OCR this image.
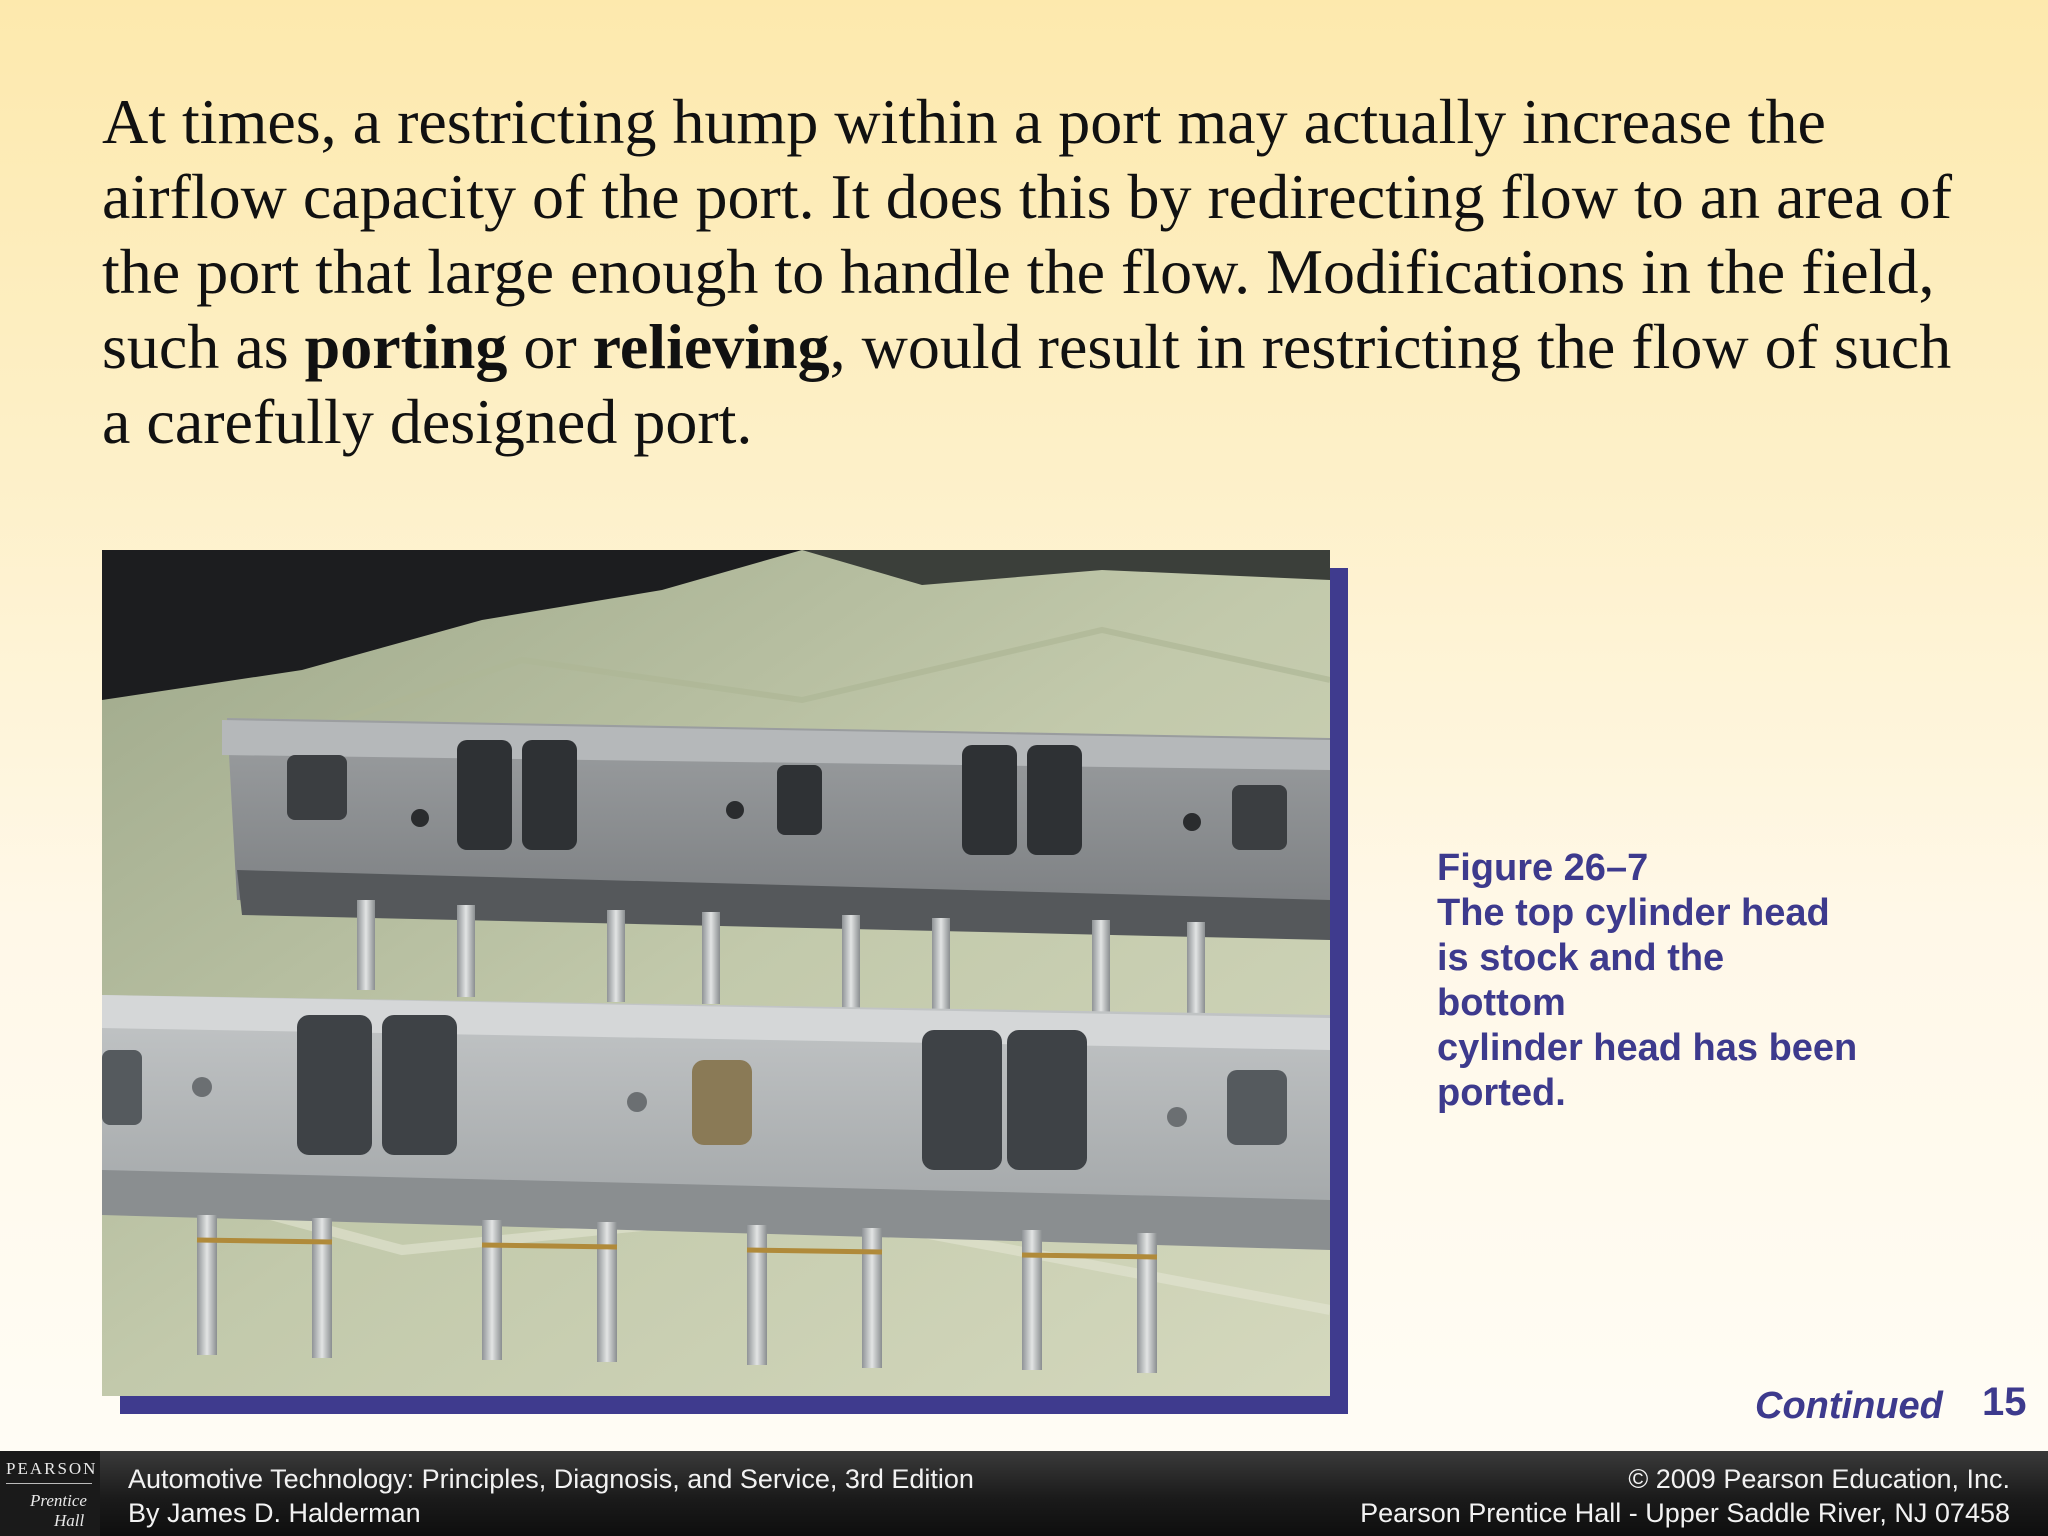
At times, a restricting hump within a port may actually increase the airflow capacity of the port. It does this by redirecting flow to an area of the port that large enough to handle the flow. Modifications in the field, such as porting or relieving, would result in restricting the flow of such a carefully designed port.
Figure 26–7
The top cylinder head
is stock and the
bottom
cylinder head has been
ported.
Continued 15
PEARSON
Prentice
Hall
Automotive Technology: Principles, Diagnosis, and Service, 3rd Edition
By James D. Halderman
© 2009 Pearson Education, Inc.
Pearson Prentice Hall - Upper Saddle River, NJ 07458
